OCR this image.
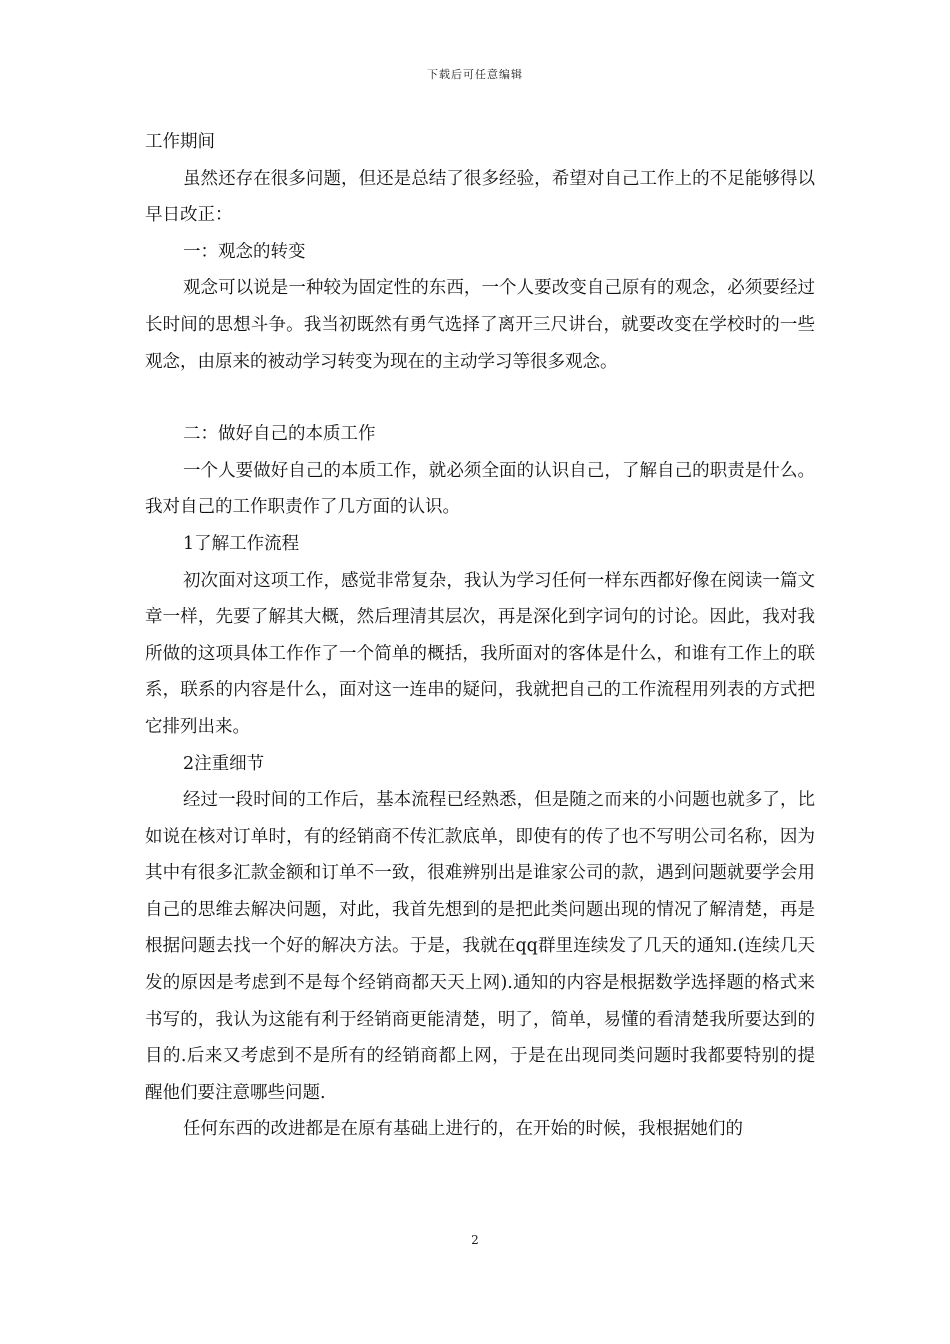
下载后可任意编辑

工作期间

虽然还存在很多问题，但还是总结了很多经验，希望对自己工作上的不足能够得以早日改正：

一：观念的转变

观念可以说是一种较为固定性的东西，一个人要改变自己原有的观念，必须要经过长时间的思想斗争。我当初既然有勇气选择了离开三尺讲台，就要改变在学校时的一些观念，由原来的被动学习转变为现在的主动学习等很多观念。

二：做好自己的本质工作

一个人要做好自己的本质工作，就必须全面的认识自己，了解自己的职责是什么。我对自己的工作职责作了几方面的认识。

1了解工作流程

初次面对这项工作，感觉非常复杂，我认为学习任何一样东西都好像在阅读一篇文章一样，先要了解其大概，然后理清其层次，再是深化到字词句的讨论。因此，我对我所做的这项具体工作作了一个简单的概括，我所面对的客体是什么，和谁有工作上的联系，联系的内容是什么，面对这一连串的疑问，我就把自己的工作流程用列表的方式把它排列出来。

2注重细节

经过一段时间的工作后，基本流程已经熟悉，但是随之而来的小问题也就多了，比如说在核对订单时，有的经销商不传汇款底单，即使有的传了也不写明公司名称，因为其中有很多汇款金额和订单不一致，很难辨别出是谁家公司的款，遇到问题就要学会用自己的思维去解决问题，对此，我首先想到的是把此类问题出现的情况了解清楚，再是根据问题去找一个好的解决方法。于是，我就在qq群里连续发了几天的通知.(连续几天发的原因是考虑到不是每个经销商都天天上网).通知的内容是根据数学选择题的格式来书写的，我认为这能有利于经销商更能清楚，明了，简单，易懂的看清楚我所要达到的目的.后来又考虑到不是所有的经销商都上网，于是在出现同类问题时我都要特别的提醒他们要注意哪些问题.

任何东西的改进都是在原有基础上进行的，在开始的时候，我根据她们的

2
